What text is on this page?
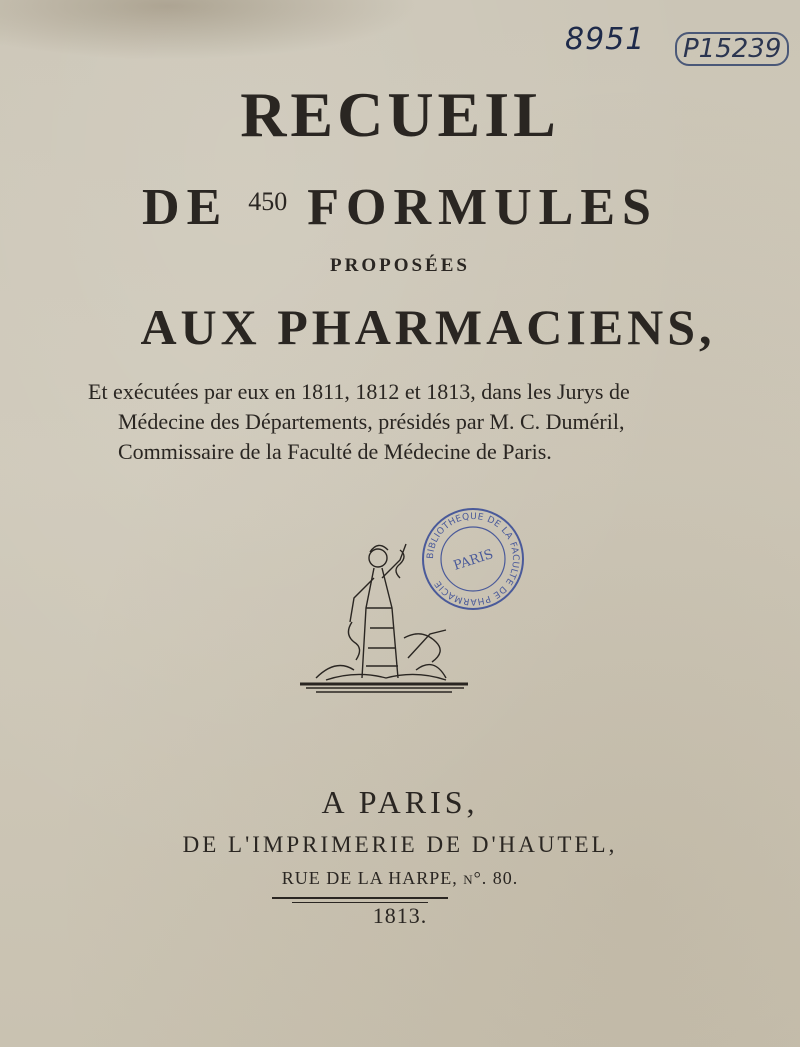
8951	P15239
RECUEIL
DE $^{450}$ FORMULES
PROPOSÉES
AUX PHARMACIENS,
Et exécutées par eux en 1811, 1812 et 1813, dans les Jurys de
Médecine des Départements, présidés par M. C. Duméril,
Commissaire de la Faculté de Médecine de Paris.
BIBLIOTHEQUE DE LA FACULTE DE PHARMACIE
PARIS
A PARIS,
DE L'IMPRIMERIE DE D'HAUTEL,
RUE DE LA HARPE, n°. 80.
1813.
